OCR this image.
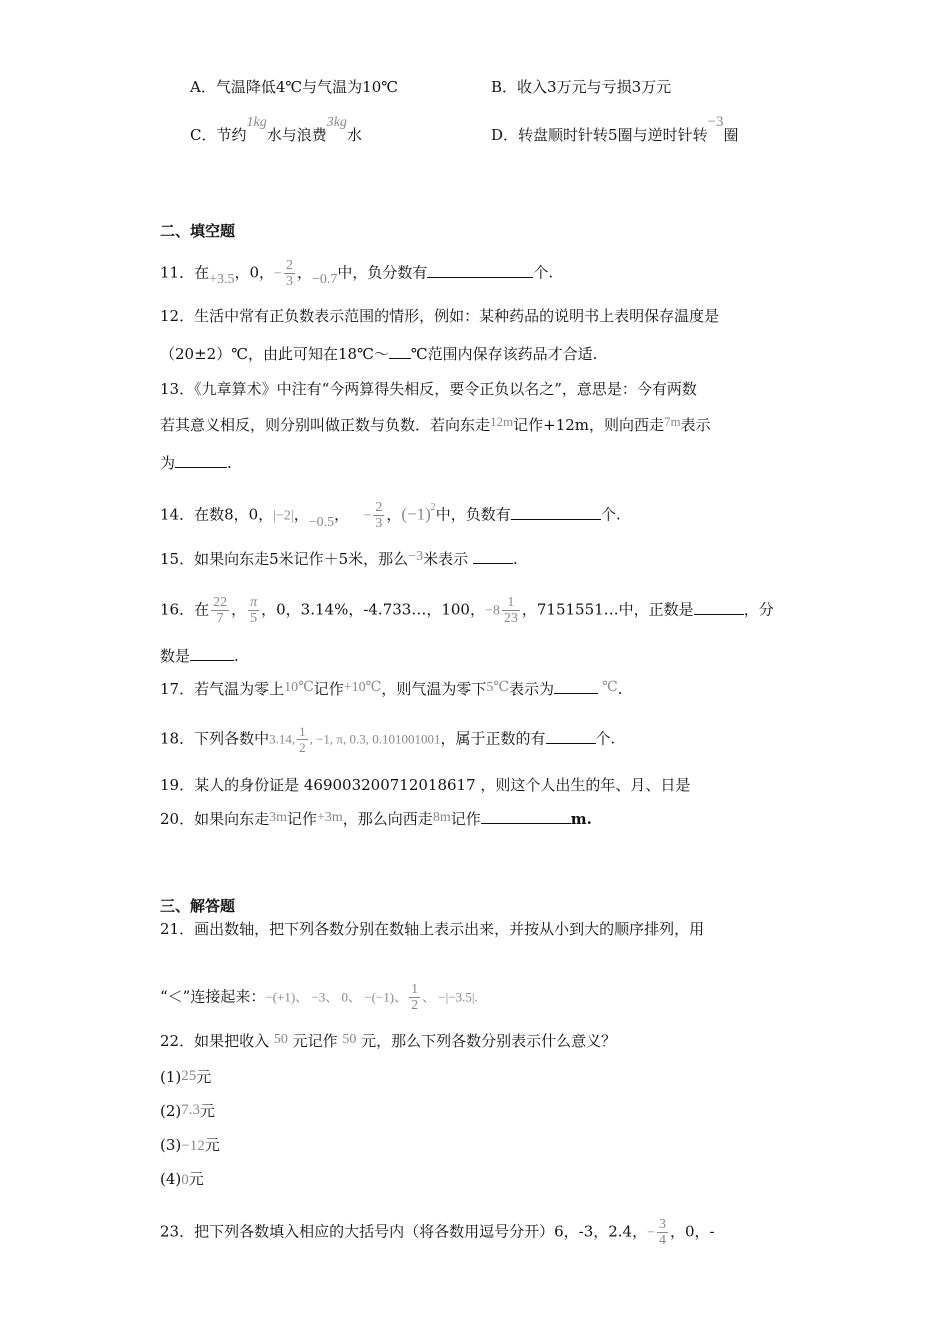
A．气温降低4℃与气温为10℃	B．收入3万元与亏损3万元
C．节约1kg水与浪费3kg水	D．转盘顺时针转5圈与逆时针转−3圈
二、填空题
11．在+3.5，0，− $\frac{2}{3}$ ，−0.7中，负分数有	个.
12．生活中常有正负数表示范围的情形，例如：某种药品的说明书上表明保存温度是
（20±2）℃，由此可知在18℃～ ℃范围内保存该药品才合适.
13．《九章算术》中注有“今两算得失相反，要令正负以名之”，意思是：今有两数
若其意义相反，则分别叫做正数与负数．若向东走12m记作+12m，则向西走7m表示
为	.
14．在数8，0，|−2|，−0.5， − $\frac{2}{3}$ ，$(-1)^2$中，负数有	个.
15．如果向东走5米记作＋5米，那么−3米表示	.
16．在 $\frac{22}{7}$ ， $\frac{\pi}{5}$ ，0，3.14%，-4.733…，100，$-8 \frac{1}{23}$ ，7151551…中，正数是	，分
数是	.
17．若气温为零上10℃记作+10℃，则气温为零下5℃表示为	℃.
18．下列各数中3.14, $\frac{1}{2}$ , −1, π, 0.3, 0.101001001，属于正数的有	个.
19．某人的身份证是 469003200712018617 ，则这个人出生的年、月、日是
20．如果向东走3m记作+3m，那么向西走8m记作	m.
三、解答题
21．画出数轴，把下列各数分别在数轴上表示出来，并按从小到大的顺序排列，用
“＜”连接起来：−(+1)、 −3、 0、 −(−1)、 $\frac{1}{2}$ 、 −|−3.5|.
22．如果把收入 50 元记作 50 元，那么下列各数分别表示什么意义？
(1)25元
(2)7.3元
(3)−12元
(4)0元
23．把下列各数填入相应的大括号内（将各数用逗号分开）6，-3，2.4，− $\frac{3}{4}$ ，0，-
